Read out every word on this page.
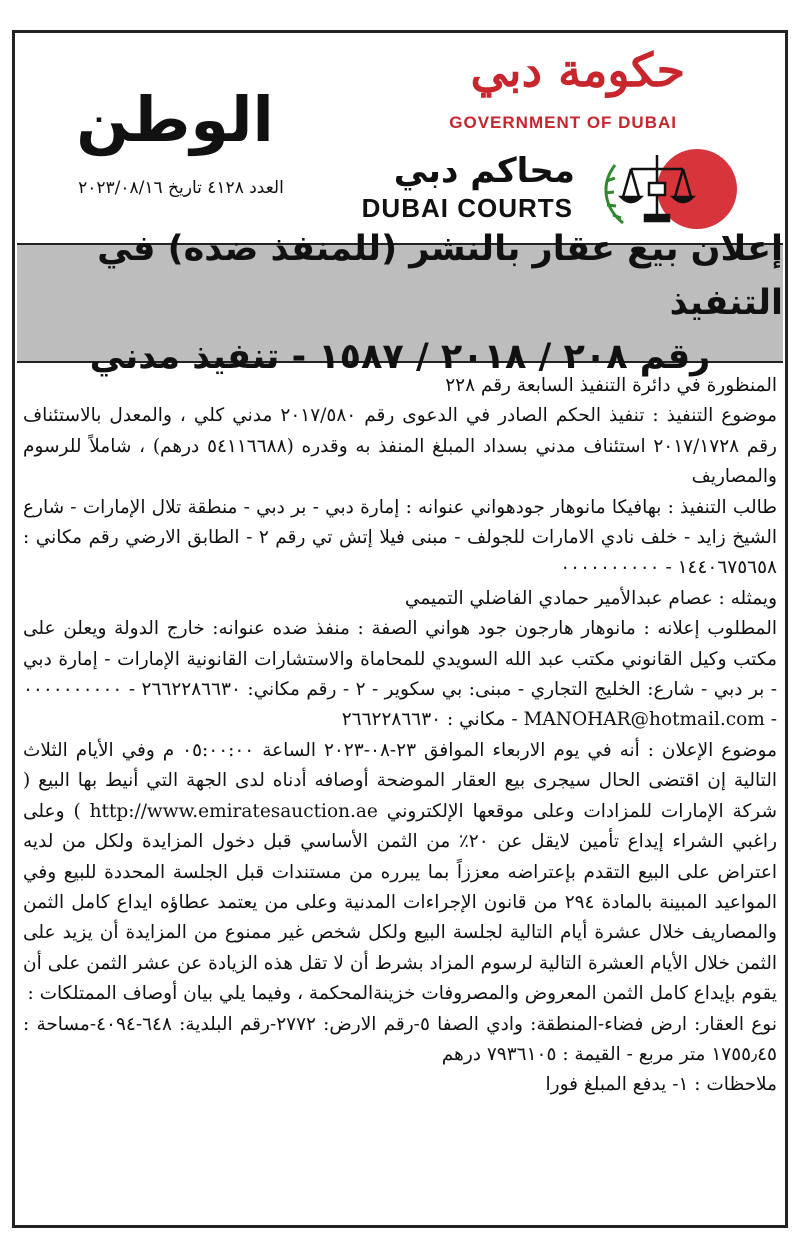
حكومة دبي
GOVERNMENT OF DUBAI
محاكم دبي
DUBAI COURTS
الوطن
العدد ٤١٢٨ تاريخ ٢٠٢٣/٠٨/١٦
إعلان بيع عقار بالنشر (للمنفذ ضده) في التنفيذ
رقم ٢٠٨ / ٢٠١٨ / ١٥٨٧ - تنفيذ مدني

المنظورة في دائرة التنفيذ السابعة رقم ٢٢٨

موضوع التنفيذ : تنفيذ الحكم الصادر في الدعوى رقم ٢٠١٧/٥٨٠ مدني كلي ، والمعدل بالاستئناف رقم ٢٠١٧/١٧٢٨ استئناف مدني بسداد المبلغ المنفذ به وقدره (٥٤١١٦٦٨٨ درهم) ، شاملاً للرسوم والمصاريف

طالب التنفيذ : بهافيكا مانوهار جودهواني عنوانه : إمارة دبي - بر دبي - منطقة تلال الإمارات - شارع الشيخ زايد - خلف نادي الامارات للجولف - مبنى فيلا إتش تي رقم ٢ - الطابق الارضي رقم مكاني : ١٤٤٠٦٧٥٦٥٨ - ٠٠٠٠٠٠٠٠٠٠

ويمثله : عصام عبدالأمير حمادي الفاضلي التميمي

المطلوب إعلانه : مانوهار هارجون جود هواني الصفة : منفذ ضده عنوانه: خارج الدولة ويعلن على مكتب وكيل القانوني مكتب عبد الله السويدي للمحاماة والاستشارات القانونية الإمارات - إمارة دبي - بر دبي - شارع: الخليج التجاري - مبنى: بي سكوير - ٢ - رقم مكاني: ٢٦٦٢٢٨٦٦٣٠ - ٠٠٠٠٠٠٠٠٠٠ - MANOHAR@hotmail.com - مكاني : ٢٦٦٢٢٨٦٦٣٠

موضوع الإعلان : أنه في يوم الاربعاء الموافق ٢٣-٠٨-٢٠٢٣ الساعة ٠٥:٠٠:٠٠ م وفي الأيام الثلاث التالية إن اقتضى الحال سيجرى بيع العقار الموضحة أوصافه أدناه لدى الجهة التي أنيط بها البيع ( شركة الإمارات للمزادات وعلى موقعها الإلكتروني http://www.emiratesauction.ae ) وعلى راغبي الشراء إيداع تأمين لايقل عن ٢٠٪ من الثمن الأساسي قبل دخول المزايدة ولكل من لديه اعتراض على البيع التقدم بإعتراضه معززاً بما يبرره من مستندات قبل الجلسة المحددة للبيع وفي المواعيد المبينة بالمادة ٢٩٤ من قانون الإجراءات المدنية وعلى من يعتمد عطاؤه ايداع كامل الثمن والمصاريف خلال عشرة أيام التالية لجلسة البيع ولكل شخص غير ممنوع من المزايدة أن يزيد على الثمن خلال الأيام العشرة التالية لرسوم المزاد بشرط أن لا تقل هذه الزيادة عن عشر الثمن على أن يقوم بإيداع كامل الثمن المعروض والمصروفات خزينةالمحكمة ، وفيما يلي بيان أوصاف الممتلكات :

نوع العقار: ارض فضاء-المنطقة: وادي الصفا ٥-رقم الارض: ٢٧٧٢-رقم البلدية: ٦٤٨-٤٠٩٤-مساحة : ١٧٥٥٫٤٥ متر مربع - القيمة : ٧٩٣٦١٠٥ درهم

ملاحظات : ١- يدفع المبلغ فورا
